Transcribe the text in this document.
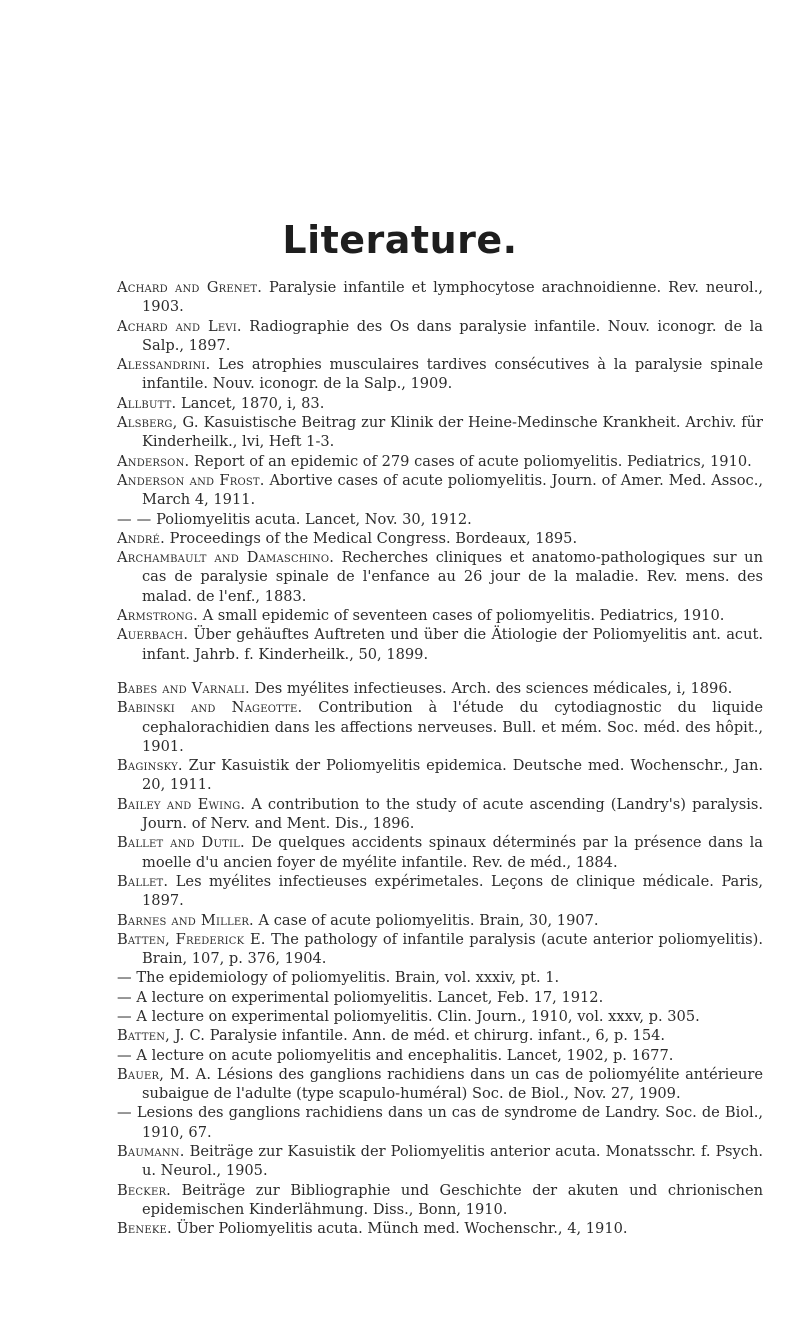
Literature.
Achard and Grenet. Paralysie infantile et lymphocytose arachnoidienne. Rev. neurol., 1903.
Achard and Levi. Radiographie des Os dans paralysie infantile. Nouv. iconogr. de la Salp., 1897.
Alessandrini. Les atrophies musculaires tardives consécutives à la paralysie spinale infantile. Nouv. iconogr. de la Salp., 1909.
Allbutt. Lancet, 1870, i, 83.
Alsberg, G. Kasuistische Beitrag zur Klinik der Heine-Medinsche Krankheit. Archiv. für Kinderheilk., lvi, Heft 1-3.
Anderson. Report of an epidemic of 279 cases of acute poliomyelitis. Pediatrics, 1910.
Anderson and Frost. Abortive cases of acute poliomyelitis. Journ. of Amer. Med. Assoc., March 4, 1911.
— — Poliomyelitis acuta. Lancet, Nov. 30, 1912.
André. Proceedings of the Medical Congress. Bordeaux, 1895.
Archambault and Damaschino. Recherches cliniques et anatomo-pathologiques sur un cas de paralysie spinale de l'enfance au 26 jour de la maladie. Rev. mens. des malad. de l'enf., 1883.
Armstrong. A small epidemic of seventeen cases of poliomyelitis. Pediatrics, 1910.
Auerbach. Über gehäuftes Auftreten und über die Ätiologie der Poliomyelitis ant. acut. infant. Jahrb. f. Kinderheilk., 50, 1899.
Babes and Varnali. Des myélites infectieuses. Arch. des sciences médicales, i, 1896.
Babinski and Nageotte. Contribution à l'étude du cytodiagnostic du liquide cephalorachidien dans les affections nerveuses. Bull. et mém. Soc. méd. des hôpit., 1901.
Baginsky. Zur Kasuistik der Poliomyelitis epidemica. Deutsche med. Wochenschr., Jan. 20, 1911.
Bailey and Ewing. A contribution to the study of acute ascending (Landry's) paralysis. Journ. of Nerv. and Ment. Dis., 1896.
Ballet and Dutil. De quelques accidents spinaux déterminés par la présence dans la moelle d'u ancien foyer de myélite infantile. Rev. de méd., 1884.
Ballet. Les myélites infectieuses expérimetales. Leçons de clinique médicale. Paris, 1897.
Barnes and Miller. A case of acute poliomyelitis. Brain, 30, 1907.
Batten, Frederick E. The pathology of infantile paralysis (acute anterior poliomyelitis). Brain, 107, p. 376, 1904.
— The epidemiology of poliomyelitis. Brain, vol. xxxiv, pt. 1.
— A lecture on experimental poliomyelitis. Lancet, Feb. 17, 1912.
— A lecture on experimental poliomyelitis. Clin. Journ., 1910, vol. xxxv, p. 305.
Batten, J. C. Paralysie infantile. Ann. de méd. et chirurg. infant., 6, p. 154.
— A lecture on acute poliomyelitis and encephalitis. Lancet, 1902, p. 1677.
Bauer, M. A. Lésions des ganglions rachidiens dans un cas de poliomyélite antérieure subaigue de l'adulte (type scapulo-huméral) Soc. de Biol., Nov. 27, 1909.
— Lesions des ganglions rachidiens dans un cas de syndrome de Landry. Soc. de Biol., 1910, 67.
Baumann. Beiträge zur Kasuistik der Poliomyelitis anterior acuta. Monatsschr. f. Psych. u. Neurol., 1905.
Becker. Beiträge zur Bibliographie und Geschichte der akuten und chrionischen epidemischen Kinderlähmung. Diss., Bonn, 1910.
Beneke. Über Poliomyelitis acuta. Münch med. Wochenschr., 4, 1910.
